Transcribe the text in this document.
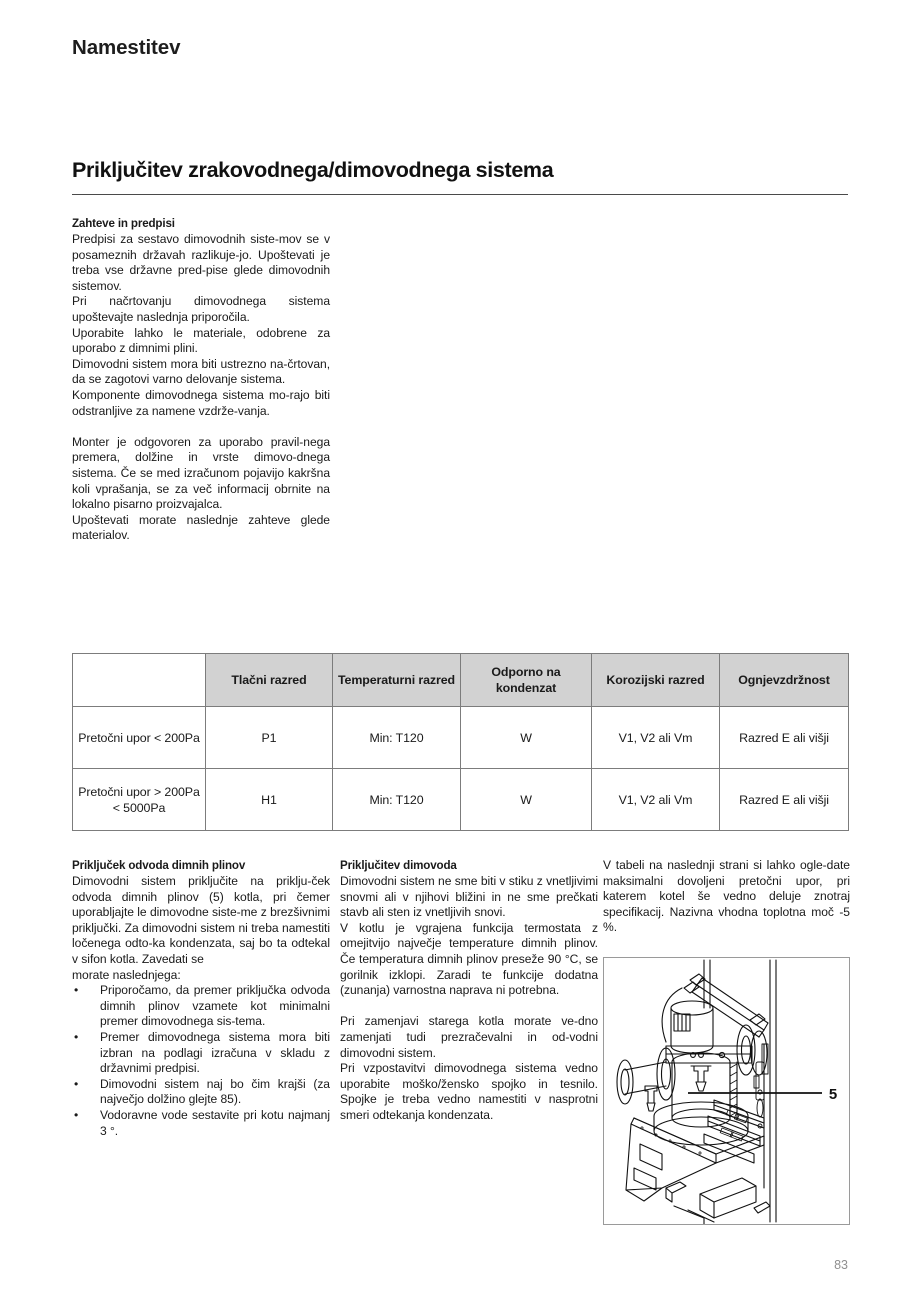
Namestitev
Priključitev zrakovodnega/dimovodnega sistema

Zahteve in predpisi

Predpisi za sestavo dimovodnih siste-mov se v posameznih državah razlikuje-jo. Upoštevati je treba vse državne pred-pise glede dimovodnih sistemov.

Pri načrtovanju dimovodnega sistema upoštevajte naslednja priporočila.

Uporabite lahko le materiale, odobrene za uporabo z dimnimi plini.

Dimovodni sistem mora biti ustrezno na-črtovan, da se zagotovi varno delovanje sistema.

Komponente dimovodnega sistema mo-rajo biti odstranljive za namene vzdrže-vanja.

Monter je odgovoren za uporabo pravil-nega premera, dolžine in vrste dimovo-dnega sistema. Če se med izračunom pojavijo kakršna koli vprašanja, se za več informacij obrnite na lokalno pisarno proizvajalca.

Upoštevati morate naslednje zahteve glede materialov.

	Tlačni razred	Temperaturni razred	Odporno na kondenzat	Korozijski razred	Ognjevzdržnost
Pretočni upor < 200Pa	P1	Min: T120	W	V1, V2 ali Vm	Razred E ali višji
Pretočni upor > 200Pa < 5000Pa	H1	Min: T120	W	V1, V2 ali Vm	Razred E ali višji

Priključek odvoda dimnih plinov

Dimovodni sistem priključite na priklju-ček odvoda dimnih plinov (5) kotla, pri čemer uporabljajte le dimovodne siste-me z brezšivnimi priključki. Za dimovodni sistem ni treba namestiti ločenega odto-ka kondenzata, saj bo ta odtekal v sifon kotla. Zavedati se

morate naslednjega:

• Priporočamo, da premer priključka odvoda dimnih plinov vzamete kot minimalni premer dimovodnega sis-tema.
• Premer dimovodnega sistema mora biti izbran na podlagi izračuna v skladu z državnimi predpisi.
• Dimovodni sistem naj bo čim krajši (za največjo dolžino glejte 85).
• Vodoravne vode sestavite pri kotu najmanj 3 °.

Priključitev dimovoda

Dimovodni sistem ne sme biti v stiku z vnetljivimi snovmi ali v njihovi bližini in ne sme prečkati stavb ali sten iz vnetljivih snovi.

V kotlu je vgrajena funkcija termostata z omejitvijo največje temperature dimnih plinov. Če temperatura dimnih plinov preseže 90 °C, se gorilnik izklopi. Zaradi te funkcije dodatna (zunanja) varnostna naprava ni potrebna.

Pri zamenjavi starega kotla morate ve-dno zamenjati tudi prezračevalni in od-vodni dimovodni sistem.

Pri vzpostavitvi dimovodnega sistema vedno uporabite moško/žensko spojko in tesnilo. Spojke je treba vedno namestiti v nasprotni smeri odtekanja kondenzata.

V tabeli na naslednji strani si lahko ogle-date maksimalni dovoljeni pretočni upor, pri katerem kotel še vedno deluje znotraj specifikacij. Nazivna vhodna toplotna moč -5 %.

5
83
